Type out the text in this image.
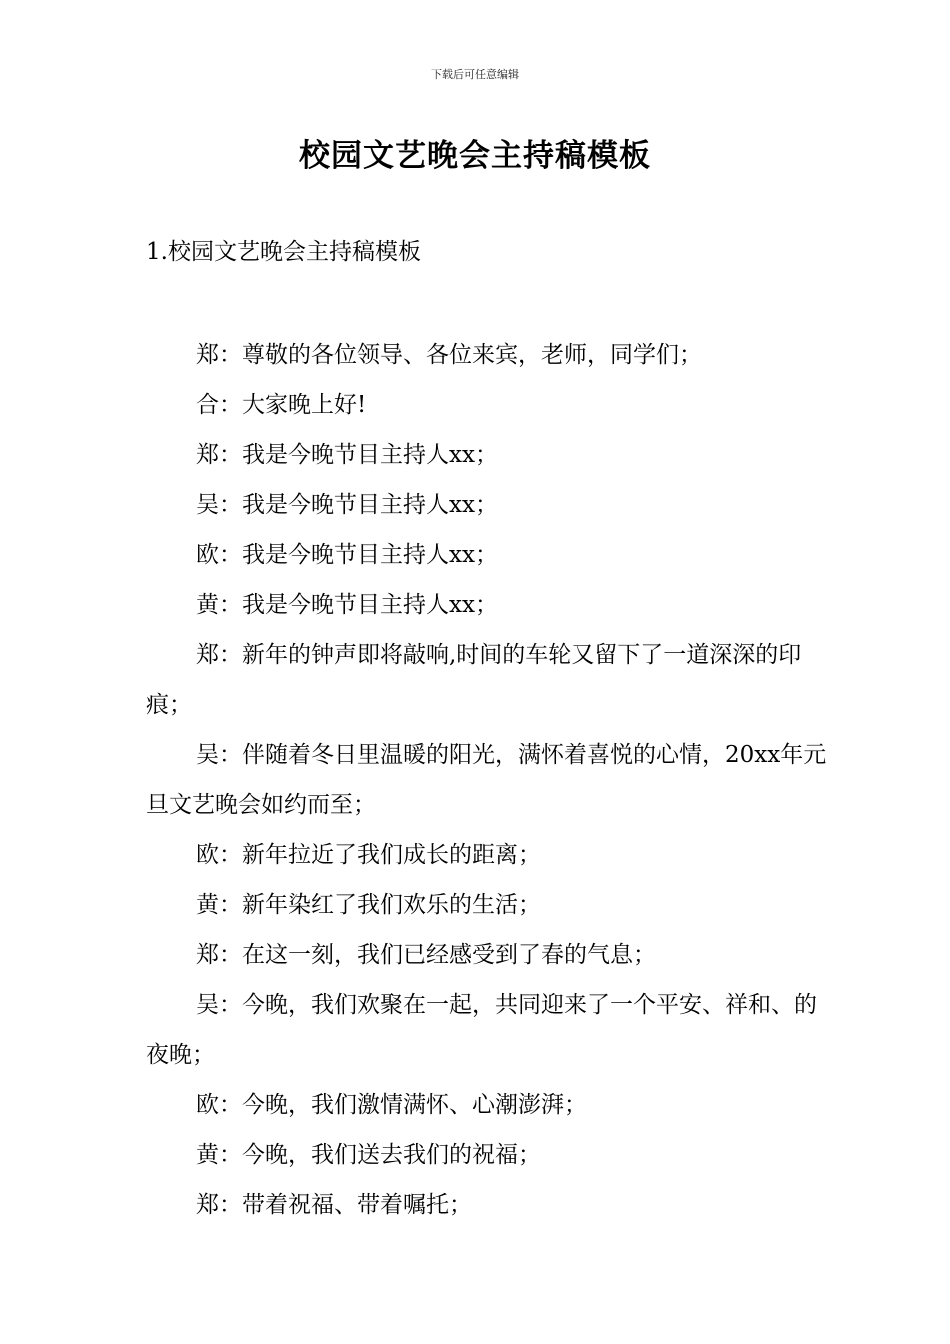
下载后可任意编辑
校园文艺晚会主持稿模板
1.校园文艺晚会主持稿模板

郑：尊敬的各位领导、各位来宾，老师，同学们；

合：大家晚上好!

郑：我是今晚节目主持人xx；

吴：我是今晚节目主持人xx；

欧：我是今晚节目主持人xx；

黄：我是今晚节目主持人xx；

郑：新年的钟声即将敲响,时间的车轮又留下了一道深深的印痕；

吴：伴随着冬日里温暖的阳光，满怀着喜悦的心情，20xx年元旦文艺晚会如约而至；

欧：新年拉近了我们成长的距离；

黄：新年染红了我们欢乐的生活；

郑：在这一刻，我们已经感受到了春的气息；

吴：今晚，我们欢聚在一起，共同迎来了一个平安、祥和、的夜晚；

欧：今晚，我们激情满怀、心潮澎湃；

黄：今晚，我们送去我们的祝福；

郑：带着祝福、带着嘱托；
